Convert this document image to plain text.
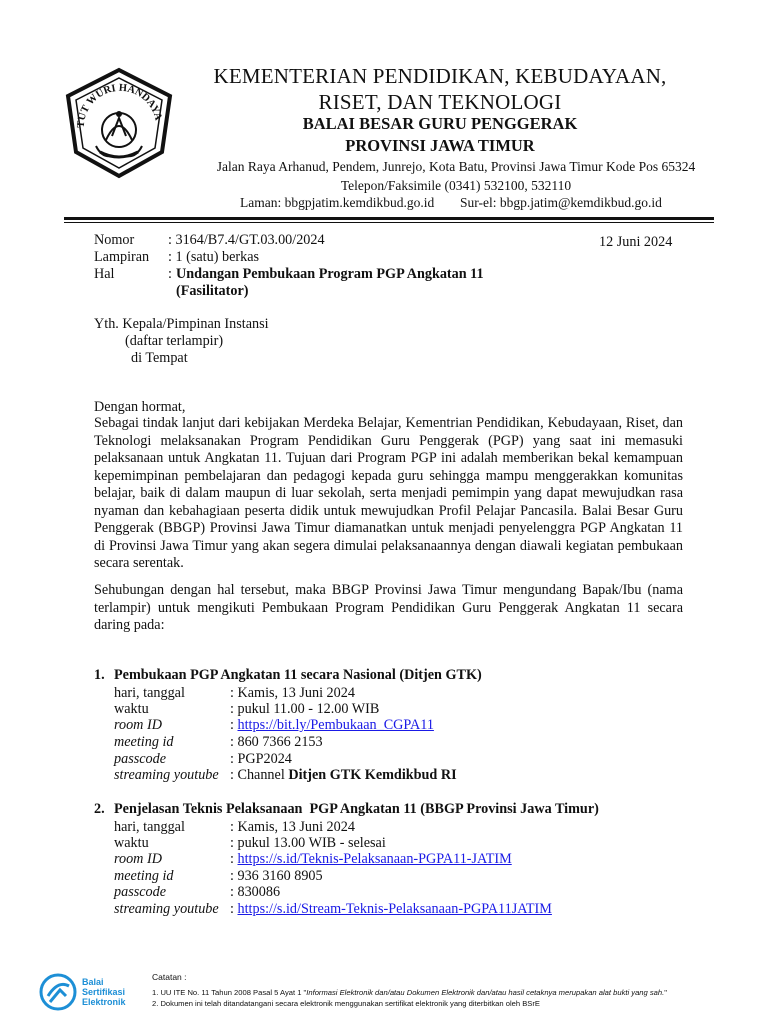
TUT WURI HANDAYA
KEMENTERIAN PENDIDIKAN, KEBUDAYAAN,
RISET, DAN TEKNOLOGI
BALAI BESAR GURU PENGGERAK
PROVINSI JAWA TIMUR
Jalan Raya Arhanud, Pendem, Junrejo, Kota Batu, Provinsi Jawa Timur Kode Pos 65324
Telepon/Faksimile (0341) 532100, 532110
Laman: bbgpjatim.kemdikbud.go.id Sur-el: bbgp.jatim@kemdikbud.go.id
Nomor : 3164/B7.4/GT.03.00/2024	12 Juni 2024
Lampiran : 1 (satu) berkas
Hal	: Undangan Pembukaan Program PGP Angkatan 11
(Fasilitator)
Yth. Kepala/Pimpinan Instansi
(daftar terlampir)
di Tempat
Dengan hormat,
Sebagai tindak lanjut dari kebijakan Merdeka Belajar, Kementrian Pendidikan, Kebudayaan, Riset, dan Teknologi melaksanakan Program Pendidikan Guru Penggerak (PGP) yang saat ini memasuki pelaksanaan untuk Angkatan 11. Tujuan dari Program PGP ini adalah memberikan bekal kemampuan kepemimpinan pembelajaran dan pedagogi kepada guru sehingga mampu menggerakkan komunitas belajar, baik di dalam maupun di luar sekolah, serta menjadi pemimpin yang dapat mewujudkan rasa nyaman dan kebahagiaan peserta didik untuk mewujudkan Profil Pelajar Pancasila. Balai Besar Guru Penggerak (BBGP) Provinsi Jawa Timur diamanatkan untuk menjadi penyelenggra PGP Angkatan 11 di Provinsi Jawa Timur yang akan segera dimulai pelaksanaannya dengan diawali kegiatan pembukaan secara serentak.
Sehubungan dengan hal tersebut, maka BBGP Provinsi Jawa Timur mengundang Bapak/Ibu (nama terlampir) untuk mengikuti Pembukaan Program Pendidikan Guru Penggerak Angkatan 11 secara daring pada:
1. Pembukaan PGP Angkatan 11 secara Nasional (Ditjen GTK)
hari, tanggal	: Kamis, 13 Juni 2024
waktu	: pukul 11.00 - 12.00 WIB
room ID	: https://bit.ly/Pembukaan_CGPA11
meeting id	: 860 7366 2153
passcode	: PGP2024
streaming youtube : Channel Ditjen GTK Kemdikbud RI
2. Penjelasan Teknis Pelaksanaan  PGP Angkatan 11 (BBGP Provinsi Jawa Timur)
hari, tanggal	: Kamis, 13 Juni 2024
waktu	: pukul 13.00 WIB - selesai
room ID	: https://s.id/Teknis-Pelaksanaan-PGPA11-JATIM
meeting id	: 936 3160 8905
passcode	: 830086
streaming youtube : https://s.id/Stream-Teknis-Pelaksanaan-PGPA11JATIM
Balai
Sertifikasi
Elektronik
Catatan :
1. UU ITE No. 11 Tahun 2008 Pasal 5 Ayat 1 "Informasi Elektronik dan/atau Dokumen Elektronik dan/atau hasil cetaknya merupakan alat bukti yang sah."
2. Dokumen ini telah ditandatangani secara elektronik menggunakan sertifikat elektronik yang diterbitkan oleh BSrE
